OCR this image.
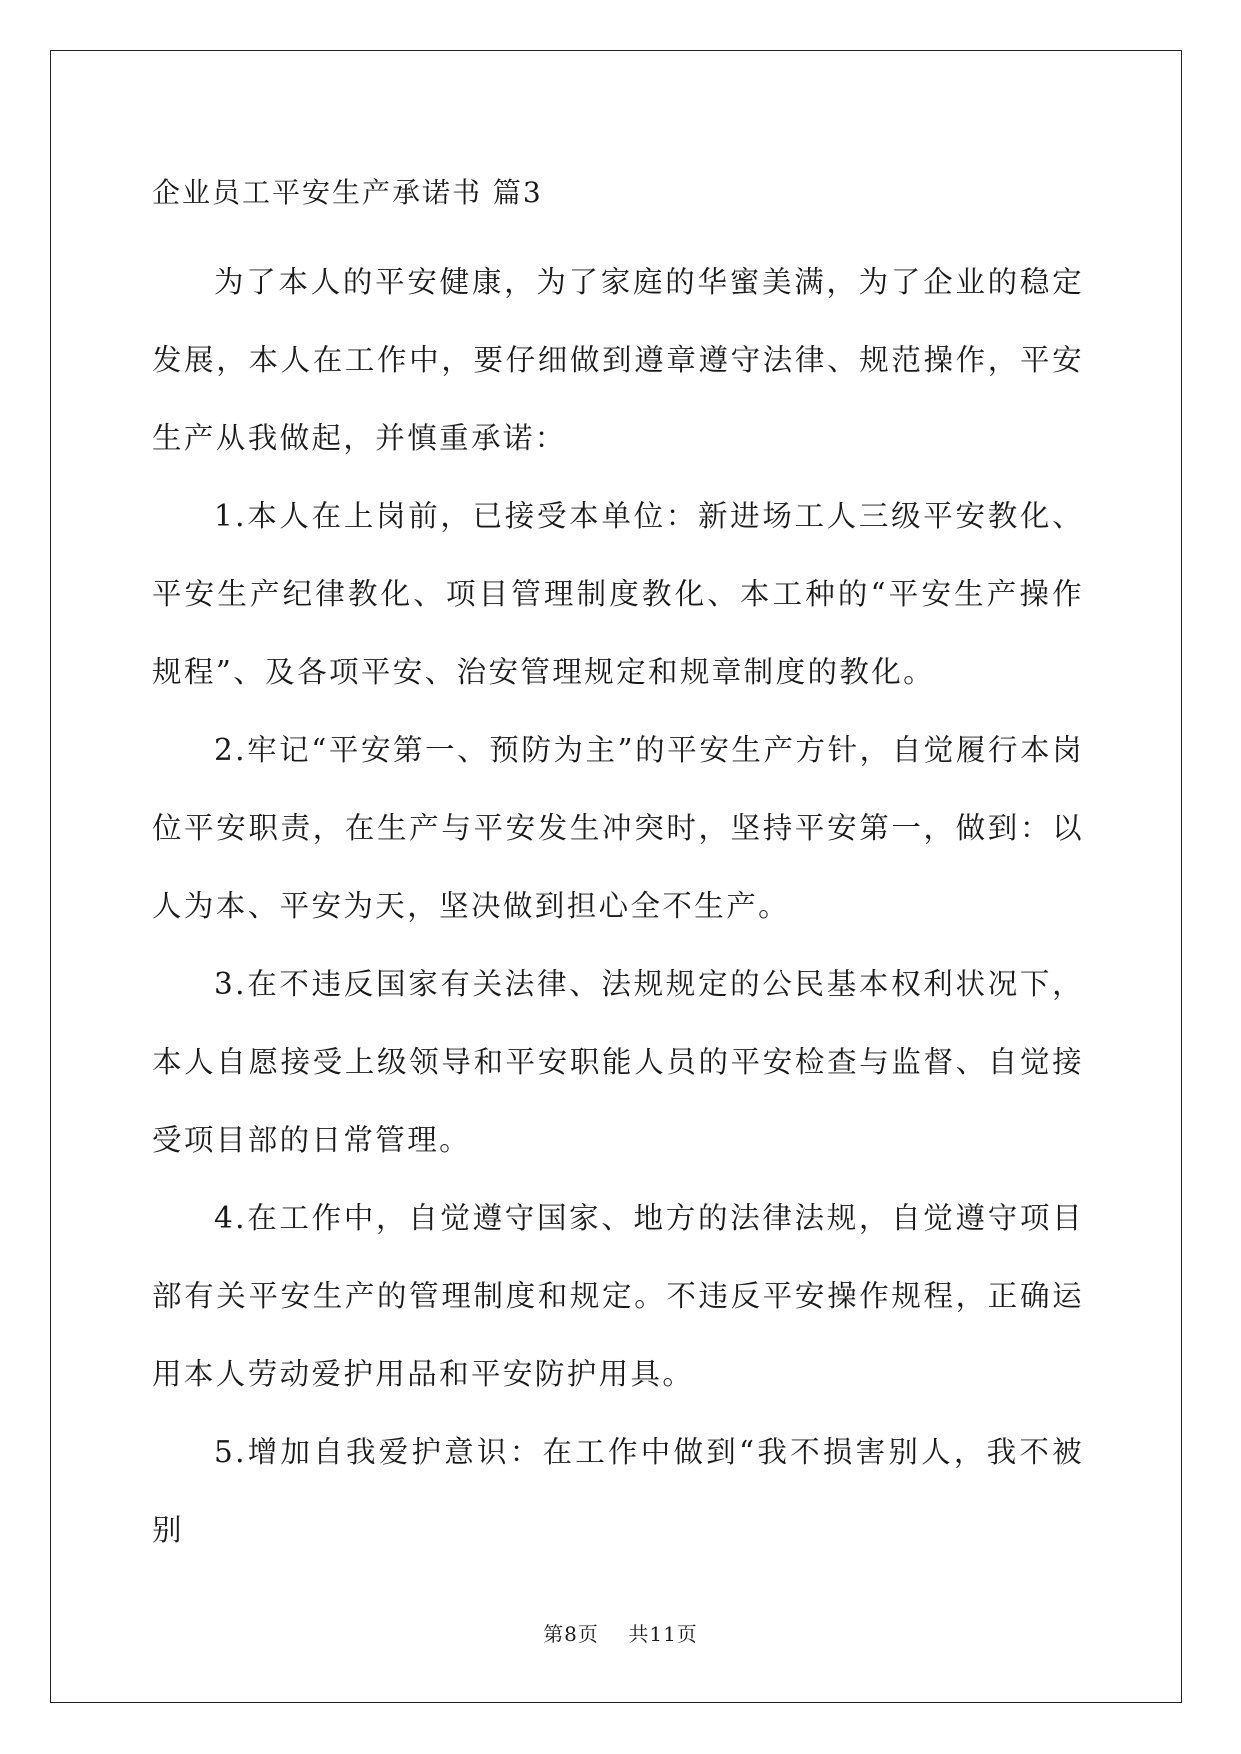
企业员工平安生产承诺书 篇3

为了本人的平安健康，为了家庭的华蜜美满，为了企业的稳定发展，本人在工作中，要仔细做到遵章遵守法律、规范操作，平安生产从我做起，并慎重承诺：

1.本人在上岗前，已接受本单位：新进场工人三级平安教化、平安生产纪律教化、项目管理制度教化、本工种的“平安生产操作规程”、及各项平安、治安管理规定和规章制度的教化。

2.牢记“平安第一、预防为主”的平安生产方针，自觉履行本岗位平安职责，在生产与平安发生冲突时，坚持平安第一，做到：以人为本、平安为天，坚决做到担心全不生产。

3.在不违反国家有关法律、法规规定的公民基本权利状况下，本人自愿接受上级领导和平安职能人员的平安检查与监督、自觉接受项目部的日常管理。

4.在工作中，自觉遵守国家、地方的法律法规，自觉遵守项目部有关平安生产的管理制度和规定。不违反平安操作规程，正确运用本人劳动爱护用品和平安防护用具。

5.增加自我爱护意识：在工作中做到“我不损害别人，我不被别

第8页 共11页
